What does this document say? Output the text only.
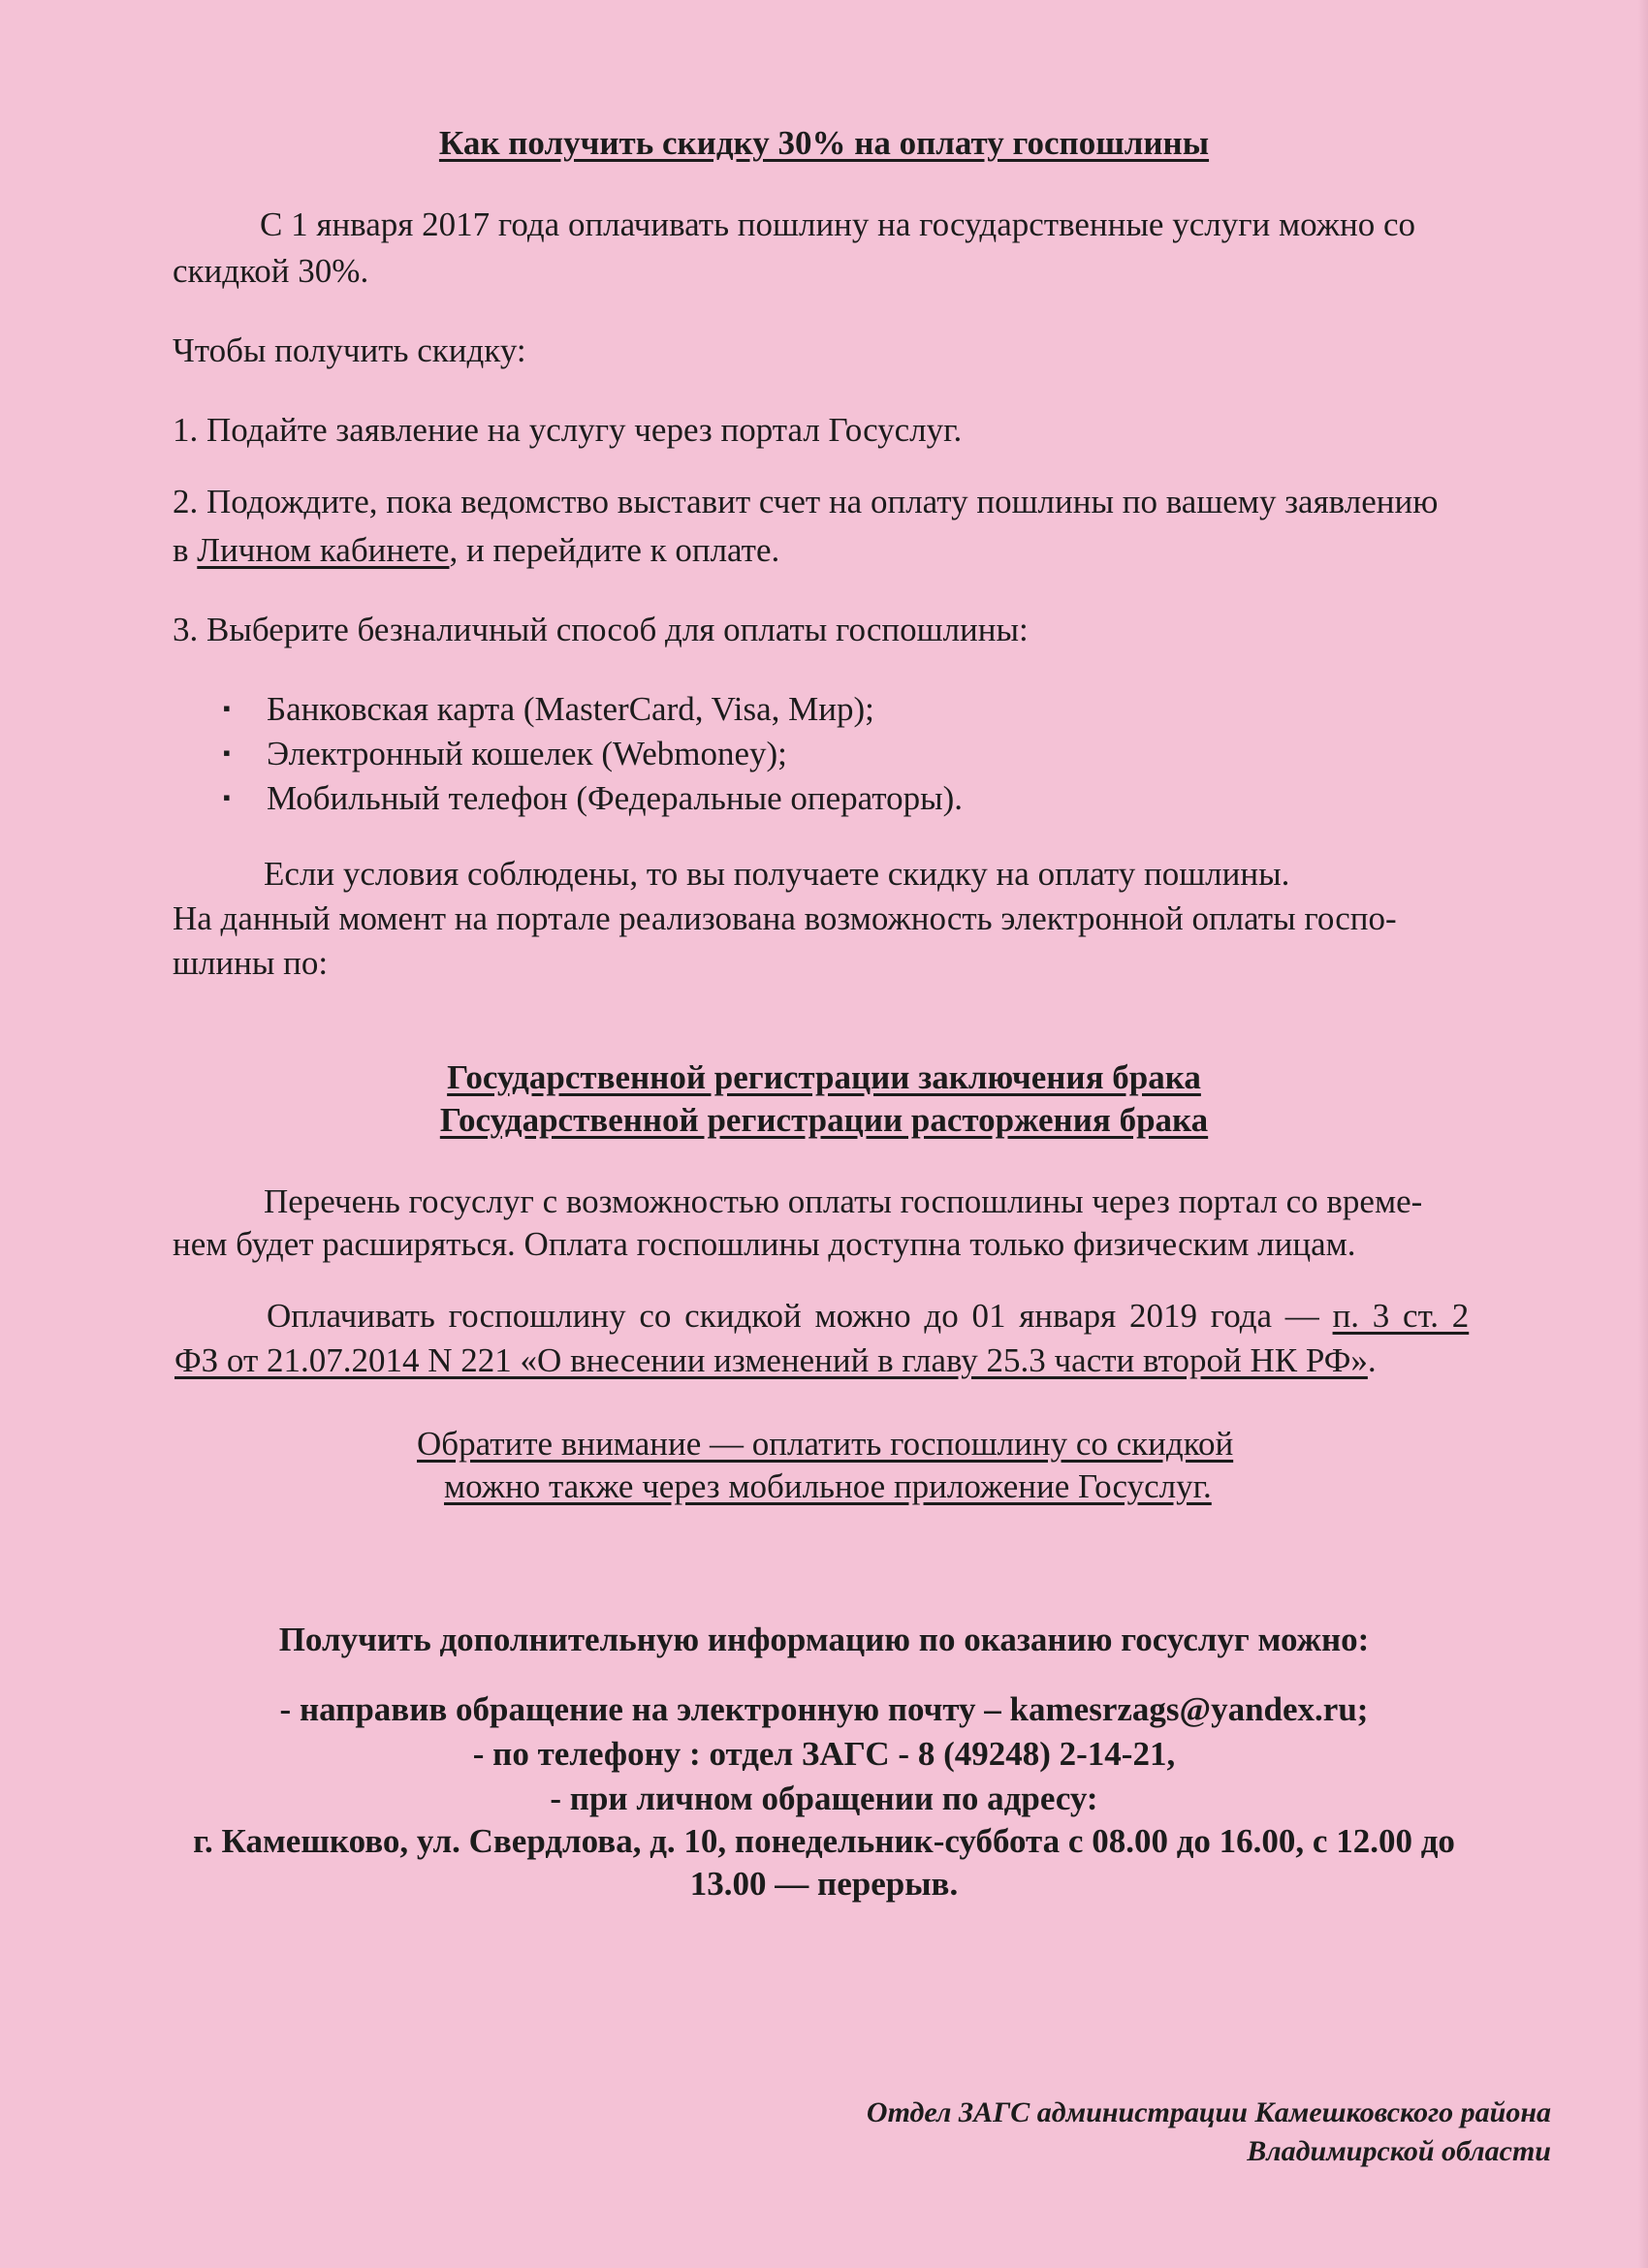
Как получить скидку 30% на оплату госпошлины
С 1 января 2017 года оплачивать пошлину на государственные услуги можно со
скидкой 30%.
Чтобы получить скидку:
1. Подайте заявление на услугу через портал Госуслуг.
2. Подождите, пока ведомство выставит счет на оплату пошлины по вашему заявлению
в Личном кабинете, и перейдите к оплате.
3. Выберите безналичный способ для оплаты госпошлины:
▪ Банковская карта (MasterCard, Visa, Мир);
▪ Электронный кошелек (Webmoney);
▪ Мобильный телефон (Федеральные операторы).
Если условия соблюдены, то вы получаете скидку на оплату пошлины.
На данный момент на портале реализована возможность электронной оплаты госпо-
шлины по:
Государственной регистрации заключения брака
Государственной регистрации расторжения брака
Перечень госуслуг с возможностью оплаты госпошлины через портал со време-
нем будет расширяться. Оплата госпошлины доступна только физическим лицам.
Оплачивать госпошлину со скидкой можно до 01 января 2019 года — п. 3 ст. 2
ФЗ от 21.07.2014 N 221 «О внесении изменений в главу 25.3 части второй НК РФ».
Обратите внимание — оплатить госпошлину со скидкой
можно также через мобильное приложение Госуслуг.
Получить дополнительную информацию по оказанию госуслуг можно:
- направив обращение на электронную почту – kamesrzags@yandex.ru;
- по телефону : отдел ЗАГС - 8 (49248) 2-14-21,
- при личном обращении по адресу:
г. Камешково, ул. Свердлова, д. 10, понедельник-суббота с 08.00 до 16.00, с 12.00 до
13.00 — перерыв.
Отдел ЗАГС администрации Камешковского района
Владимирской области
